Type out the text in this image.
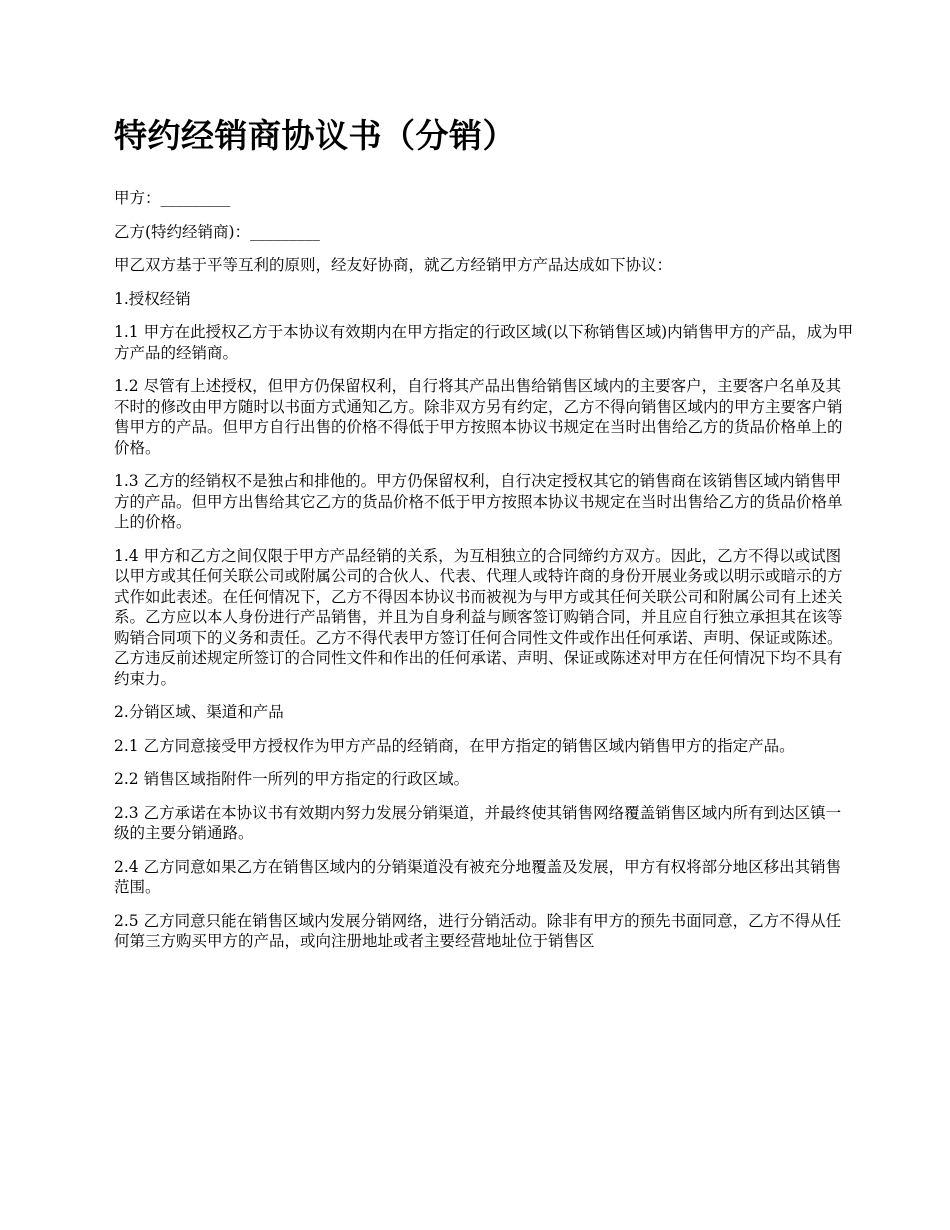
特约经销商协议书（分销）

甲方：_________

乙方(特约经销商)：_________

甲乙双方基于平等互利的原则，经友好协商，就乙方经销甲方产品达成如下协议：

1.授权经销

1.1 甲方在此授权乙方于本协议有效期内在甲方指定的行政区域(以下称销售区域)内销售甲方的产品，成为甲方产品的经销商。

1.2 尽管有上述授权，但甲方仍保留权利，自行将其产品出售给销售区域内的主要客户，主要客户名单及其不时的修改由甲方随时以书面方式通知乙方。除非双方另有约定，乙方不得向销售区域内的甲方主要客户销售甲方的产品。但甲方自行出售的价格不得低于甲方按照本协议书规定在当时出售给乙方的货品价格单上的价格。

1.3 乙方的经销权不是独占和排他的。甲方仍保留权利，自行决定授权其它的销售商在该销售区域内销售甲方的产品。但甲方出售给其它乙方的货品价格不低于甲方按照本协议书规定在当时出售给乙方的货品价格单上的价格。

1.4 甲方和乙方之间仅限于甲方产品经销的关系，为互相独立的合同缔约方双方。因此，乙方不得以或试图以甲方或其任何关联公司或附属公司的合伙人、代表、代理人或特许商的身份开展业务或以明示或暗示的方式作如此表述。在任何情况下，乙方不得因本协议书而被视为与甲方或其任何关联公司和附属公司有上述关系。乙方应以本人身份进行产品销售，并且为自身利益与顾客签订购销合同，并且应自行独立承担其在该等购销合同项下的义务和责任。乙方不得代表甲方签订任何合同性文件或作出任何承诺、声明、保证或陈述。乙方违反前述规定所签订的合同性文件和作出的任何承诺、声明、保证或陈述对甲方在任何情况下均不具有约束力。

2.分销区域、渠道和产品

2.1 乙方同意接受甲方授权作为甲方产品的经销商，在甲方指定的销售区域内销售甲方的指定产品。

2.2 销售区域指附件一所列的甲方指定的行政区域。

2.3 乙方承诺在本协议书有效期内努力发展分销渠道，并最终使其销售网络覆盖销售区域内所有到达区镇一级的主要分销通路。

2.4 乙方同意如果乙方在销售区域内的分销渠道没有被充分地覆盖及发展，甲方有权将部分地区移出其销售范围。

2.5 乙方同意只能在销售区域内发展分销网络，进行分销活动。除非有甲方的预先书面同意，乙方不得从任何第三方购买甲方的产品，或向注册地址或者主要经营地址位于销售区
